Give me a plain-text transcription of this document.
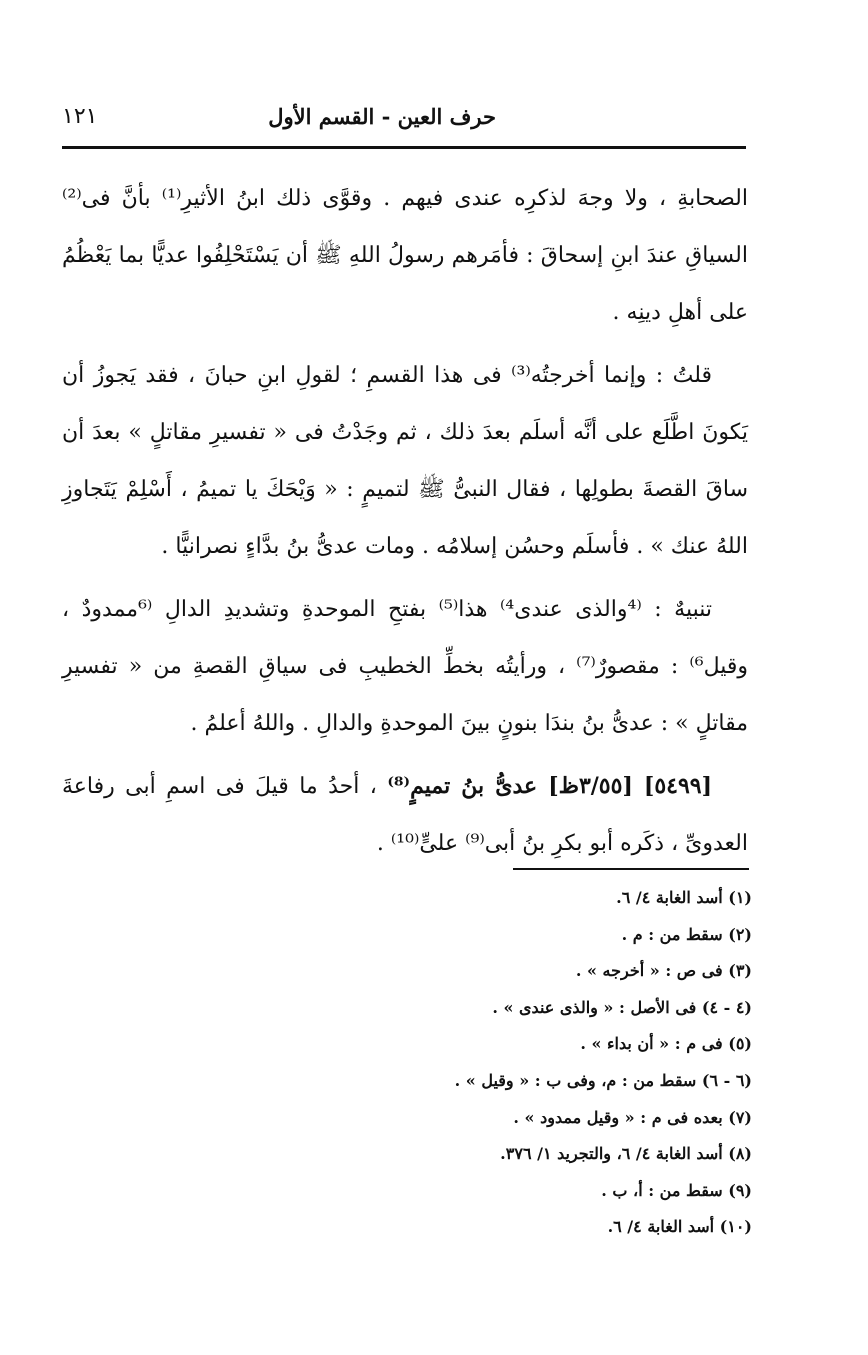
حرف العين - القسم الأول
١٢١

الصحابةِ ، ولا وجهَ لذكرِه عندى فيهم . وقوَّى ذلك ابنُ الأثيرِ⁽¹⁾ بأنَّ فى⁽²⁾ السياقِ عندَ ابنِ إسحاقَ : فأمَرهم رسولُ اللهِ ﷺ أن يَسْتَحْلِفُوا عديًّا بما يَعْظُمُ على أهلِ دينِه .

قلتُ : وإنما أخرجتُه⁽³⁾ فى هذا القسمِ ؛ لقولِ ابنِ حبانَ ، فقد يَجوزُ أن يَكونَ اطَّلَع على أنَّه أسلَم بعدَ ذلك ، ثم وجَدْتُ فى « تفسيرِ مقاتلٍ » بعدَ أن ساقَ القصةَ بطولِها ، فقال النبىُّ ﷺ لتميمٍ : « وَيْحَكَ يا تميمُ ، أَسْلِمْ يَتَجاوزِ اللهُ عنك » . فأسلَم وحسُن إسلامُه . ومات عدىُّ بنُ بدَّاءٍ نصرانيًّا .

تنبيهٌ : ⁽⁴والذى عندى⁴⁾ هذا⁽⁵⁾ بفتحِ الموحدةِ وتشديدِ الدالِ ⁽⁶ممدودٌ ، وقيل⁶⁾ : مقصورٌ⁽⁷⁾ ، ورأيتُه بخطِّ الخطيبِ فى سياقِ القصةِ من « تفسيرِ مقاتلٍ » : عدىُّ بنُ بندَا بنونٍ بينَ الموحدةِ والدالِ . واللهُ أعلمُ .

[٥٤٩٩] [٣/٥٥ظ] عدىُّ بنُ تميمٍ⁽⁸⁾ ، أحدُ ما قيلَ فى اسمِ أبى رفاعةَ العدوىِّ ، ذكَره أبو بكرِ بنُ أبى⁽⁹⁾ علىٍّ⁽¹⁰⁾ .

(١) أسد الغابة ٤/ ٦.
(٢) سقط من : م .
(٣) فى ص : « أخرجه » .
(٤ - ٤) فى الأصل : « والذى عندى » .
(٥) فى م : « أن بداء » .
(٦ - ٦) سقط من : م، وفى ب : « وقيل » .
(٧) بعده فى م : « وقيل ممدود » .
(٨) أسد الغابة ٤/ ٦، والتجريد ١/ ٣٧٦.
(٩) سقط من : أ، ب .
(١٠) أسد الغابة ٤/ ٦.
